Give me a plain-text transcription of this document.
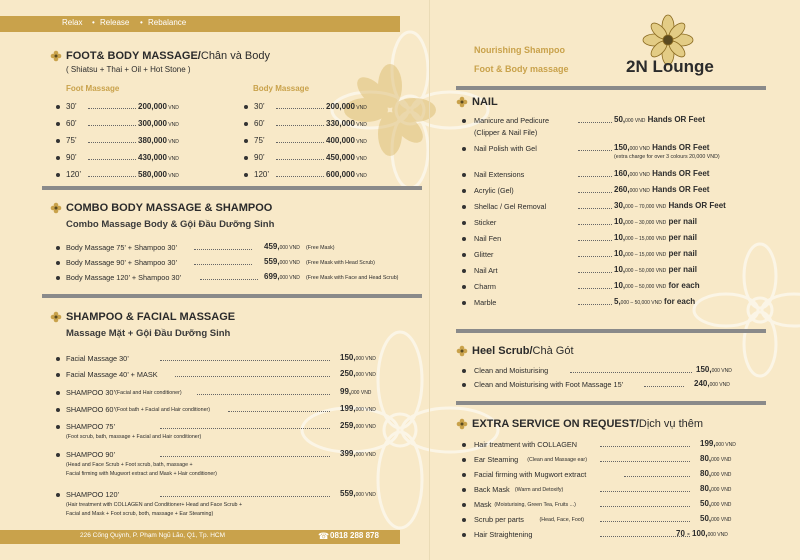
Relax • Release • Rebalance
FOOT& BODY MASSAGE/Chân và Body
( Shiatsu + Thai + Oil + Hot Stone )
Foot Massage	Body Massage
COMBO BODY MASSAGE & SHAMPOO
Combo Massage Body & Gội Đầu Dưỡng Sinh
SHAMPOO & FACIAL MASSAGE
Massage Mặt + Gội Đầu Dưỡng Sinh
226 Cống Quỳnh, P. Phạm Ngũ Lão, Q1, Tp. HCM	☎ 0818 288 878
Nourishing Shampoo
Foot & Body massage	2N Lounge
NAIL
Heel Scrub/Chà Gót
EXTRA SERVICE ON REQUEST/Dịch vụ thêm
30’	200,000 VND
60’	300,000 VND
75’	380,000 VND
90’	430,000 VND
120’	580,000 VND
30’	200,000 VND
60’	330,000 VND
75’	400,000 VND
90’	450,000 VND
120’	600,000 VND
Body Massage 75’ + Shampoo 30’	459,000 VND (Free Mask)
Body Massage 90’ + Shampoo 30’	559,000 VND (Free Mask with Head Scrub)
Body Massage 120’ + Shampoo 30’	699,000 VND (Free Mask with Face and Head Scrub)
Facial Massage 30’	150,000 VND
Facial Massage 40’ + MASK	250,000 VND
SHAMPOO 30’ (Facial and Hair conditioner)	99,000 VND
SHAMPOO 60’ (Foot bath + Facial and Hair conditioner)	199,000 VND
SHAMPOO 75’	259,000 VND
(Foot scrub, bath, massage + Facial and Hair conditioner)
SHAMPOO 90’	399,000 VND
(Head and Face Scrub + Foot scrub, bath, massage +
Facial firming with Mugwort extract and Mask + Hair conditioner)
SHAMPOO 120’	559,000 VND
(Hair treatment with COLLAGEN and Conditioner+ Head and Face Scrub +
Facial and Mask + Foot scrub, both, massage + Ear Steaming)
Manicure and Pedicure
(Clipper & Nail File)
50,000 VND Hands OR Feet
Nail Polish with Gel	150,000 VND Hands OR Feet
(extra charge for over 3 colours 20,000 VND)
Nail Extensions	160,000 VND Hands OR Feet
Acrylic (Gel)	260,000 VND Hands OR Feet
Shellac / Gel Removal	30,000 – 70,000 VND Hands OR Feet
Sticker	10,000 – 30,000 VND per nail
Nail Fen	10,000 – 15,000 VND per nail
Glitter	10,000 – 15,000 VND per nail
Nail Art	10,000 – 50,000 VND per nail
Charm	10,000 – 50,000 VND for each
Marble	5,000 – 50,000 VND for each
Clean and Moisturising	150,000 VND
Clean and Moisturising with Foot Massage 15’	240,000 VND
Hair treatment with COLLAGEN	199,000 VND
Ear Steaming (Clean and Massage ear)	80,000 VND
Facial firming with Mugwort extract	80,000 VND
Back Mask (Warm and Detoxify)	80,000 VND
Mask (Moisturising, Green Tea, Fruits ...)	50,000 VND
Scrub per parts	(Head, Face, Foot)	50,000 VND
Hair Straightening	70 - 100,000 VND
